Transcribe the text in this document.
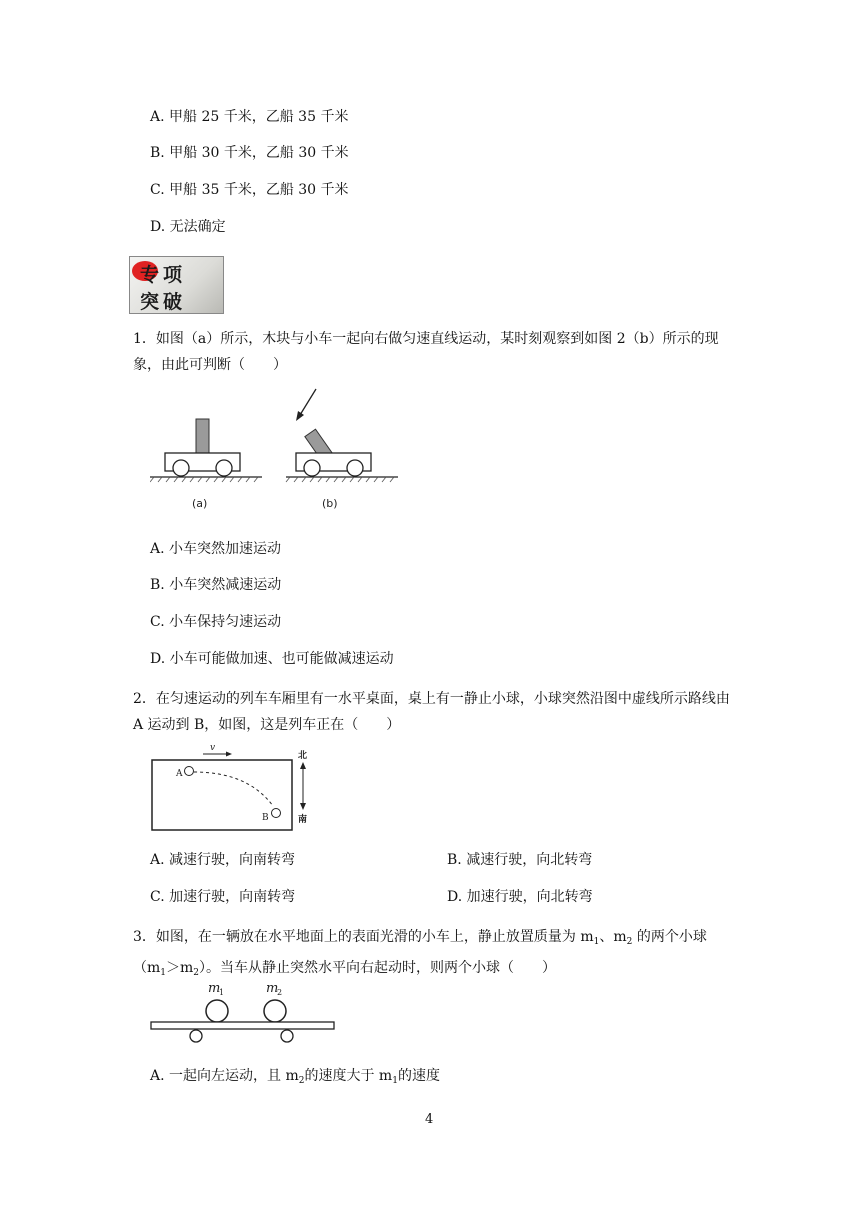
A. 甲船 25 千米，乙船 35 千米
B. 甲船 30 千米，乙船 30 千米
C. 甲船 35 千米，乙船 30 千米
D. 无法确定
专项
突破
1．如图（a）所示，木块与小车一起向右做匀速直线运动，某时刻观察到如图 2（b）所示的现象，由此可判断（　　）
(a)	(b)
A. 小车突然加速运动
B. 小车突然减速运动
C. 小车保持匀速运动
D. 小车可能做加速、也可能做减速运动
2．在匀速运动的列车车厢里有一水平桌面，桌上有一静止小球，小球突然沿图中虚线所示路线由 A 运动到 B，如图，这是列车正在（　　）
v
A
B
北
南
A. 减速行驶，向南转弯	B. 减速行驶，向北转弯
C. 加速行驶，向南转弯	D. 加速行驶，向北转弯
3．如图，在一辆放在水平地面上的表面光滑的小车上，静止放置质量为 $m_1$、$m_2$ 的两个小球$(m_1>m_2)$。当车从静止突然水平向右起动时，则两个小球（　　）
m
1	m
2
A. 一起向左运动，且 $m_2$的速度大于 $m_1$的速度
4
